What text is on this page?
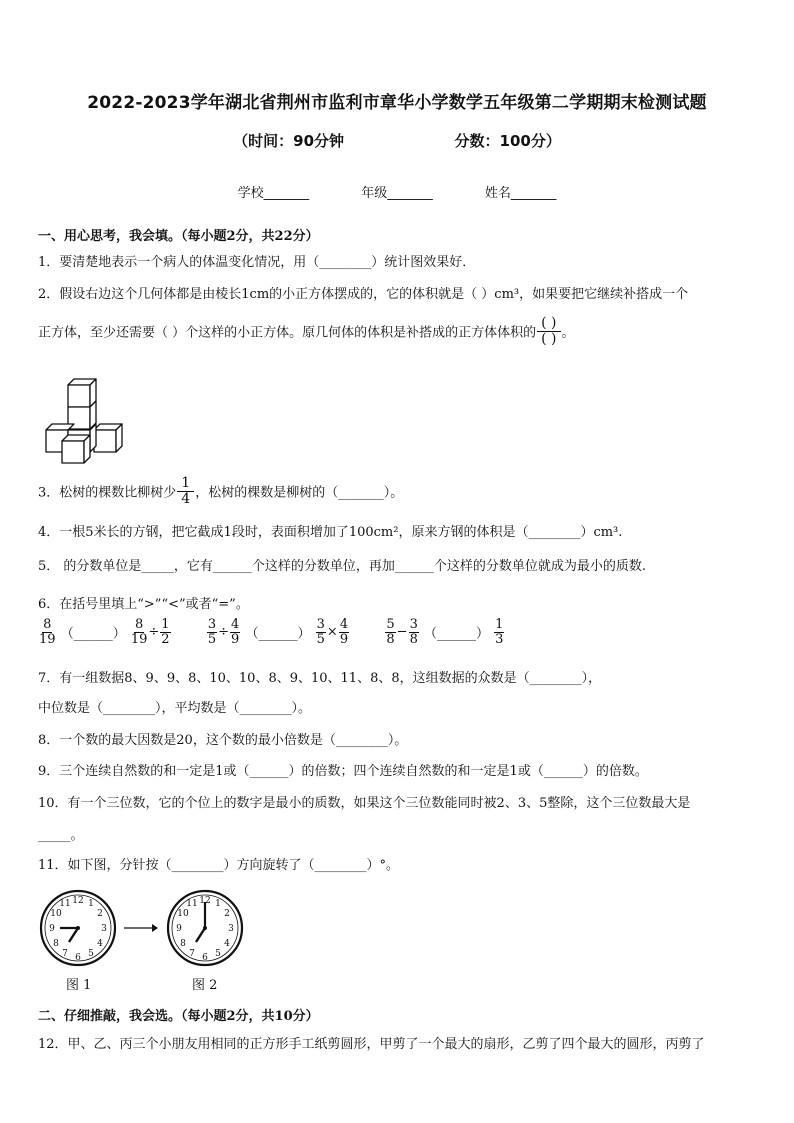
2022-2023学年湖北省荆州市监利市章华小学数学五年级第二学期期末检测试题
（时间：90分钟	分数：100分）
学校_______	年级_______	姓名_______
一、用心思考，我会填。（每小题2分，共22分）
1．要清楚地表示一个病人的体温变化情况，用（________）统计图效果好．
2．假设右边这个几何体都是由棱长1cm的小正方体摆成的，它的体积就是（ ）cm³，如果要把它继续补搭成一个
正方体，至少还需要（ ）个这样的小正方体。原几何体的体积是补搭成的正方体体积的 $\frac{( )}{( )}$ 。
3．松树的棵数比柳树少 $\frac{1}{4}$ ，松树的棵数是柳树的（_______）。
4．一根5米长的方钢，把它截成1段时，表面积增加了100cm²，原来方钢的体积是（________）cm³.
5． 的分数单位是_____，它有______个这样的分数单位，再加______个这样的分数单位就成为最小的质数.
6．在括号里填上“>”“<”或者“=”。
$\frac{8}{19}$ （______） $\frac{8}{19} \div \frac{1}{2}$
	$\frac{3}{5} \div \frac{4}{9}$ （______） $\frac{3}{5} \times \frac{4}{9}$
	$\frac{5}{8} - \frac{3}{8}$ （______） $\frac{1}{3}$
7．有一组数据8、9、9、8、10、10、8、9、10、11、8、8，这组数据的众数是（________），
中位数是（________），平均数是（________）。
8．一个数的最大因数是20，这个数的最小倍数是（________）。
9．三个连续自然数的和一定是1或（______）的倍数；四个连续自然数的和一定是1或（______）的倍数。
10．有一个三位数，它的个位上的数字是最小的质数，如果这个三位数能同时被2、3、5整除，这个三位数最大是
_____。
11．如下图，分针按（________）方向旋转了（________）°。
12 1
2
3
4
5
6
7
8
9
10
11	12 1
2
3
4
5
6
7
8
9
10
11
图 1	图 2
二、仔细推敲，我会选。（每小题2分，共10分）
12．甲、乙、丙三个小朋友用相同的正方形手工纸剪圆形，甲剪了一个最大的扇形，乙剪了四个最大的圆形，丙剪了
